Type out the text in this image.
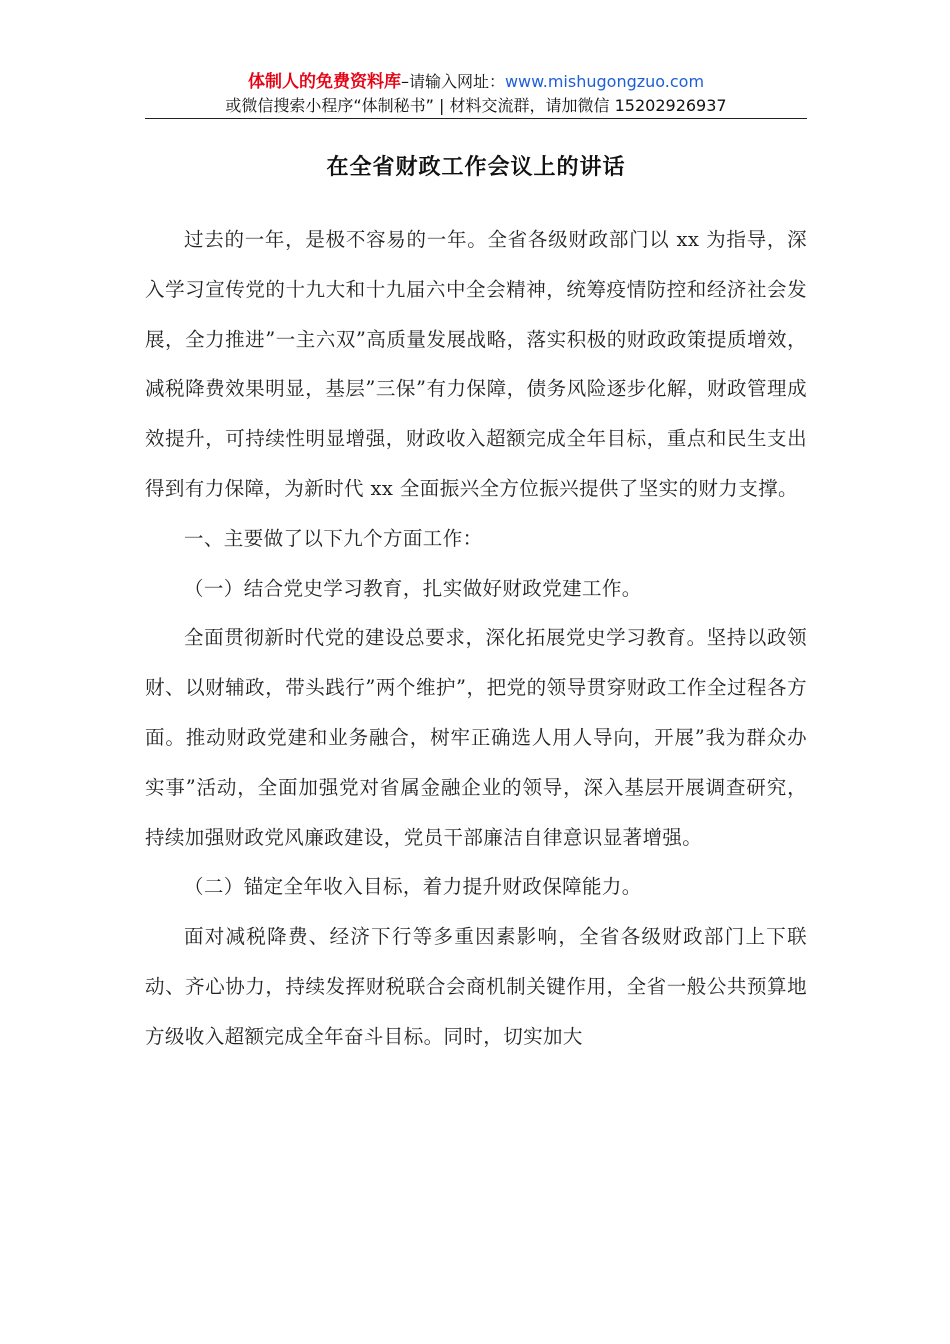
体制人的免费资料库–请输入网址：www.mishugongzuo.com
或微信搜索小程序“体制秘书” | 材料交流群，请加微信 15202926937
在全省财政工作会议上的讲话

过去的一年，是极不容易的一年。全省各级财政部门以 xx 为指导，深入学习宣传党的十九大和十九届六中全会精神，统筹疫情防控和经济社会发展，全力推进”一主六双”高质量发展战略，落实积极的财政政策提质增效，减税降费效果明显，基层”三保”有力保障，债务风险逐步化解，财政管理成效提升，可持续性明显增强，财政收入超额完成全年目标，重点和民生支出得到有力保障，为新时代 xx 全面振兴全方位振兴提供了坚实的财力支撑。

一、主要做了以下九个方面工作：

（一）结合党史学习教育，扎实做好财政党建工作。

全面贯彻新时代党的建设总要求，深化拓展党史学习教育。坚持以政领财、以财辅政，带头践行”两个维护”，把党的领导贯穿财政工作全过程各方面。推动财政党建和业务融合，树牢正确选人用人导向，开展”我为群众办实事”活动，全面加强党对省属金融企业的领导，深入基层开展调查研究，持续加强财政党风廉政建设，党员干部廉洁自律意识显著增强。

（二）锚定全年收入目标，着力提升财政保障能力。

面对减税降费、经济下行等多重因素影响，全省各级财政部门上下联动、齐心协力，持续发挥财税联合会商机制关键作用，全省一般公共预算地方级收入超额完成全年奋斗目标。同时，切实加大
